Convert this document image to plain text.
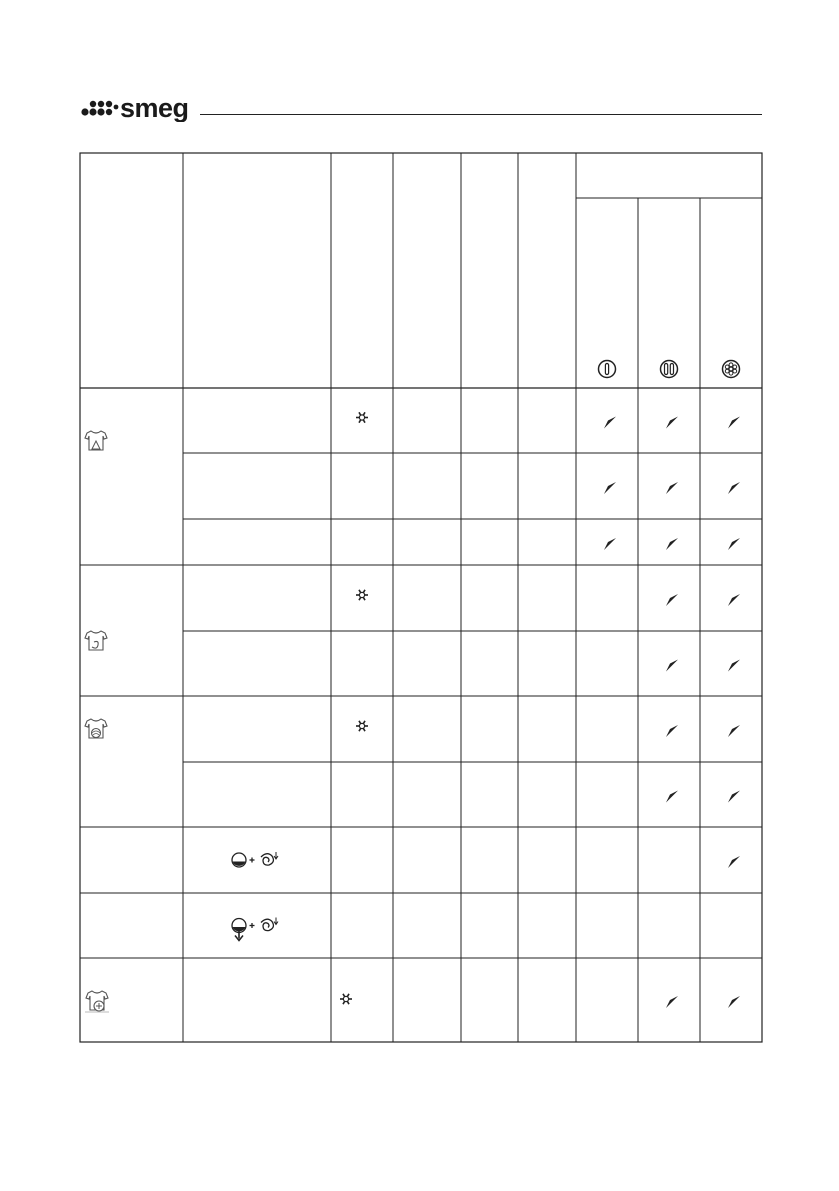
smeg
